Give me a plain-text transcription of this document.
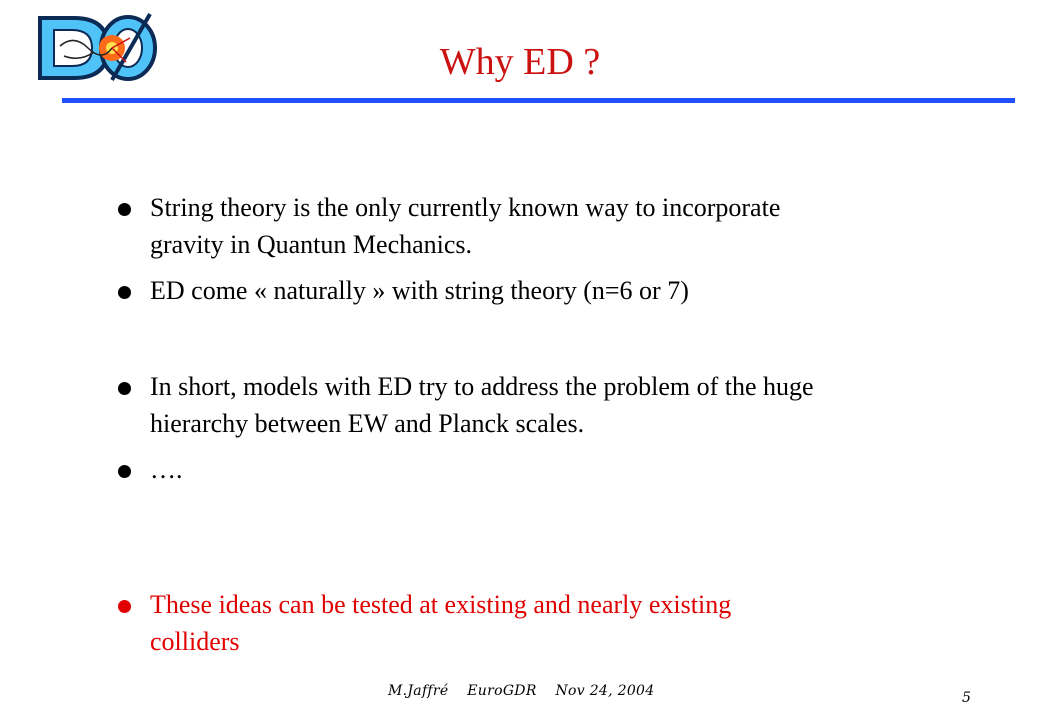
Why ED ?
String theory is the only currently known way to incorporate
gravity in Quantun Mechanics.
ED come « naturally » with string theory (n=6 or 7)
In short, models with ED try to address the problem of the huge
hierarchy between EW and Planck scales.
….
These ideas can be tested at existing and nearly existing
colliders
M.Jaffré EuroGDR Nov 24, 2004	5
